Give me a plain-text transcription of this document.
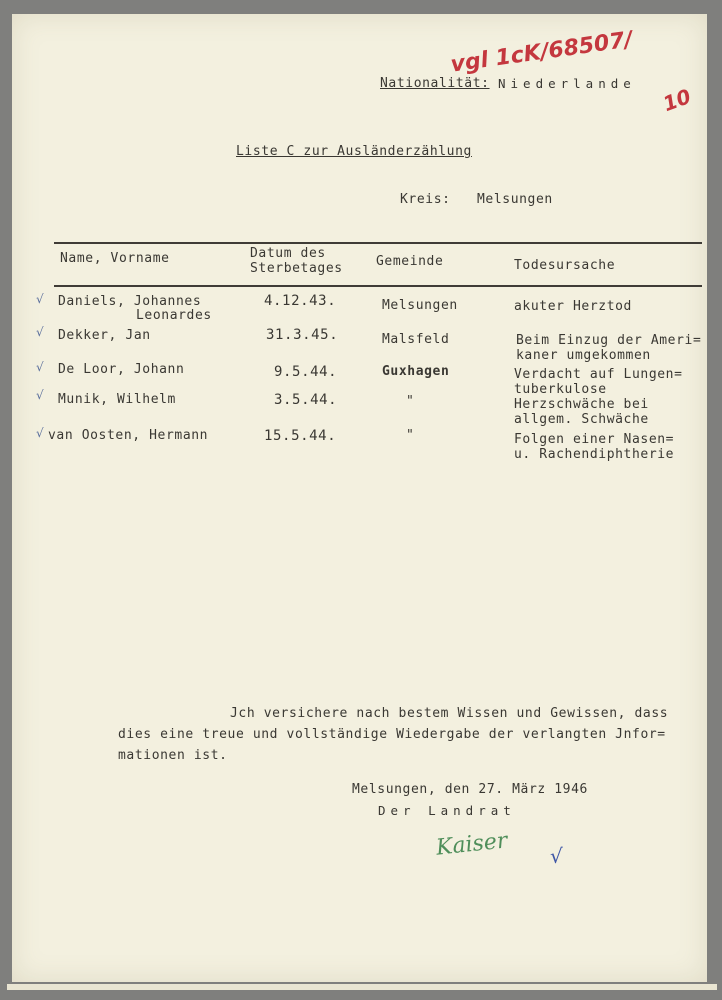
vgl 1cK/68507/
10
Nationalität: Niederlande
Liste C zur Ausländerzählung
Kreis: Melsungen
Name, Vorname	Datum des
Sterbetages	Gemeinde	Todesursache
√ Daniels, Johannes
Leonardes
4.12.43.	Melsungen	akuter Herztod
√ Dekker, Jan	31.3.45.	Malsfeld	Beim Einzug der Ameri=
kaner umgekommen
√ De Loor, Johann	9.5.44.	Guxhagen	Verdacht auf Lungen=
tuberkulose
√ Munik, Wilhelm	3.5.44.	"	Herzschwäche bei
allgem. Schwäche
√ van Oosten, Hermann	15.5.44.	"	Folgen einer Nasen=
u. Rachendiphtherie
Jch versichere nach bestem Wissen und Gewissen, dass
dies eine treue und vollständige Wiedergabe der verlangten Jnfor=
mationen ist.
Melsungen, den 27. März 1946
Der Landrat
Kaiser √
